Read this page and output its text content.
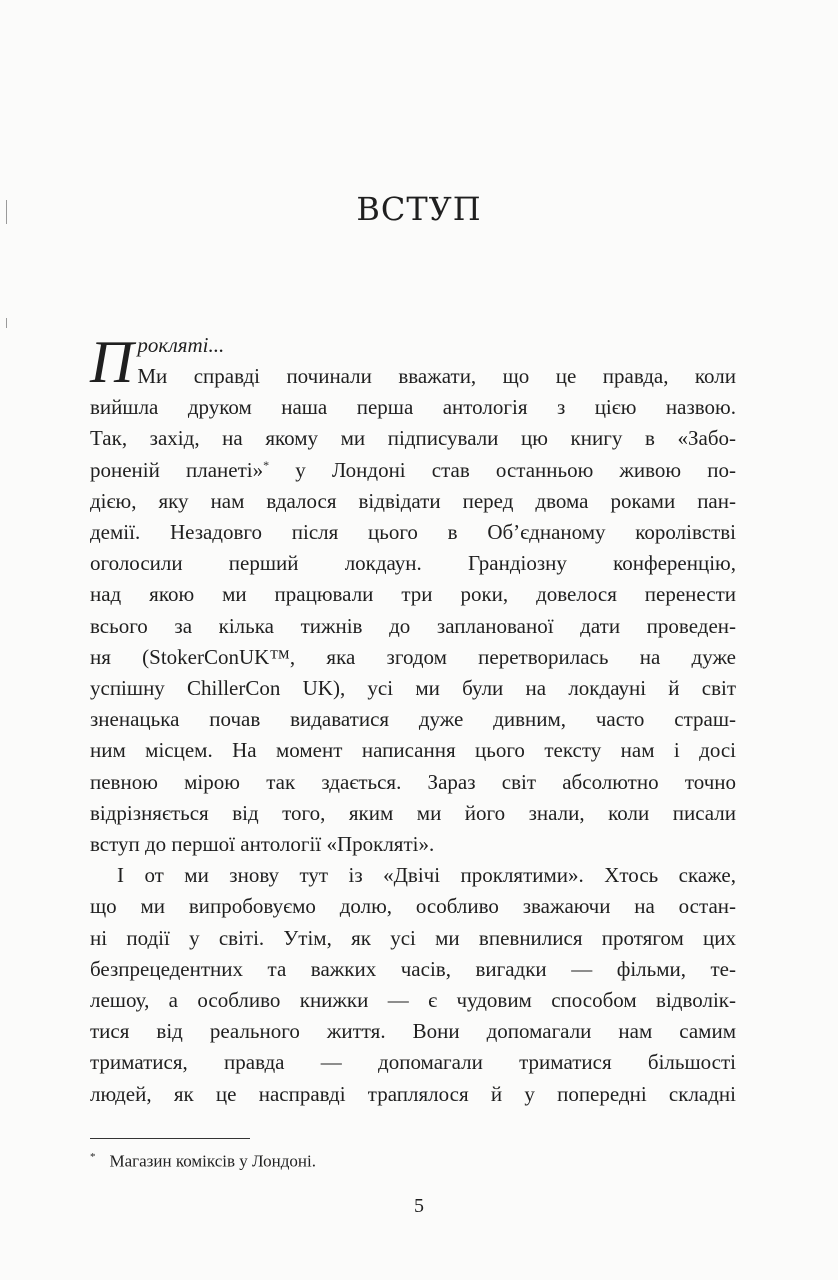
ВСТУП
П рокляті...
Ми справді починали вважати, що це правда, коли
вийшла друком наша перша антологія з цією назвою.
Так, захід, на якому ми підписували цю книгу в «Забо-
роненій планеті»* у Лондоні став останньою живою по-
дією, яку нам вдалося відвідати перед двома роками пан-
демії. Незадовго після цього в Об’єднаному королівстві
оголосили перший локдаун. Грандіозну конференцію,
над якою ми працювали три роки, довелося перенести
всього за кілька тижнів до запланованої дати проведен-
ня (StokerConUK™, яка згодом перетворилась на дуже
успішну ChillerCon UK), усі ми були на локдауні й світ
зненацька почав видаватися дуже дивним, часто страш-
ним місцем. На момент написання цього тексту нам і досі
певною мірою так здається. Зараз світ абсолютно точно
відрізняється від того, яким ми його знали, коли писали
вступ до першої антології «Прокляті».
І от ми знову тут із «Двічі проклятими». Хтось скаже,
що ми випробовуємо долю, особливо зважаючи на остан-
ні події у світі. Утім, як усі ми впевнилися протягом цих
безпрецедентних та важких часів, вигадки — фільми, те-
лешоу, а особливо книжки — є чудовим способом відволік-
тися від реального життя. Вони допомагали нам самим
триматися, правда — допомагали триматися більшості
людей, як це насправді траплялося й у попередні складні
* Магазин коміксів у Лондоні.
5
